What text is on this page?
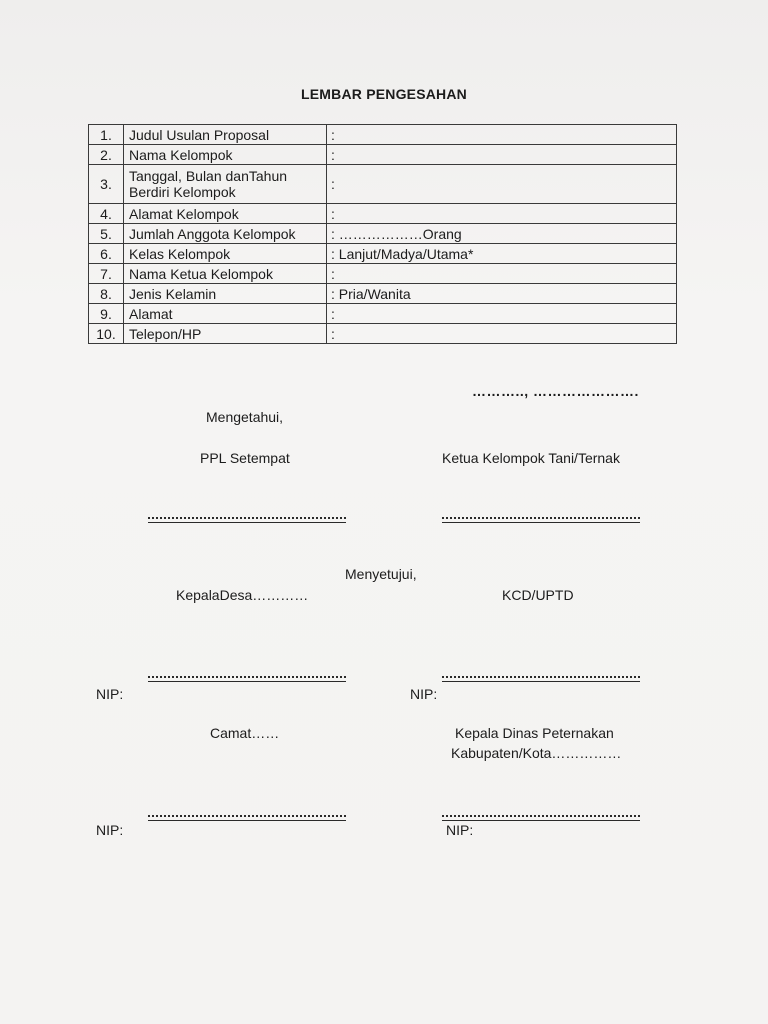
LEMBAR PENGESAHAN
1.	Judul Usulan Proposal	:
2.	Nama Kelompok	:
3.	Tanggal, Bulan danTahun Berdiri Kelompok	:
4.	Alamat Kelompok	:
5.	Jumlah Anggota Kelompok	: ………………Orang
6.	Kelas Kelompok	: Lanjut/Madya/Utama*
7.	Nama Ketua Kelompok	:
8.	Jenis Kelamin	: Pria/Wanita
9.	Alamat	:
10.	Telepon/HP	:
……….., ………………….
Mengetahui,
PPL Setempat	Ketua Kelompok Tani/Ternak
Menyetujui,
KepalaDesa…………	KCD/UPTD
NIP:	NIP:
Camat……	Kepala Dinas Peternakan
Kabupaten/Kota……………
NIP:	NIP:
